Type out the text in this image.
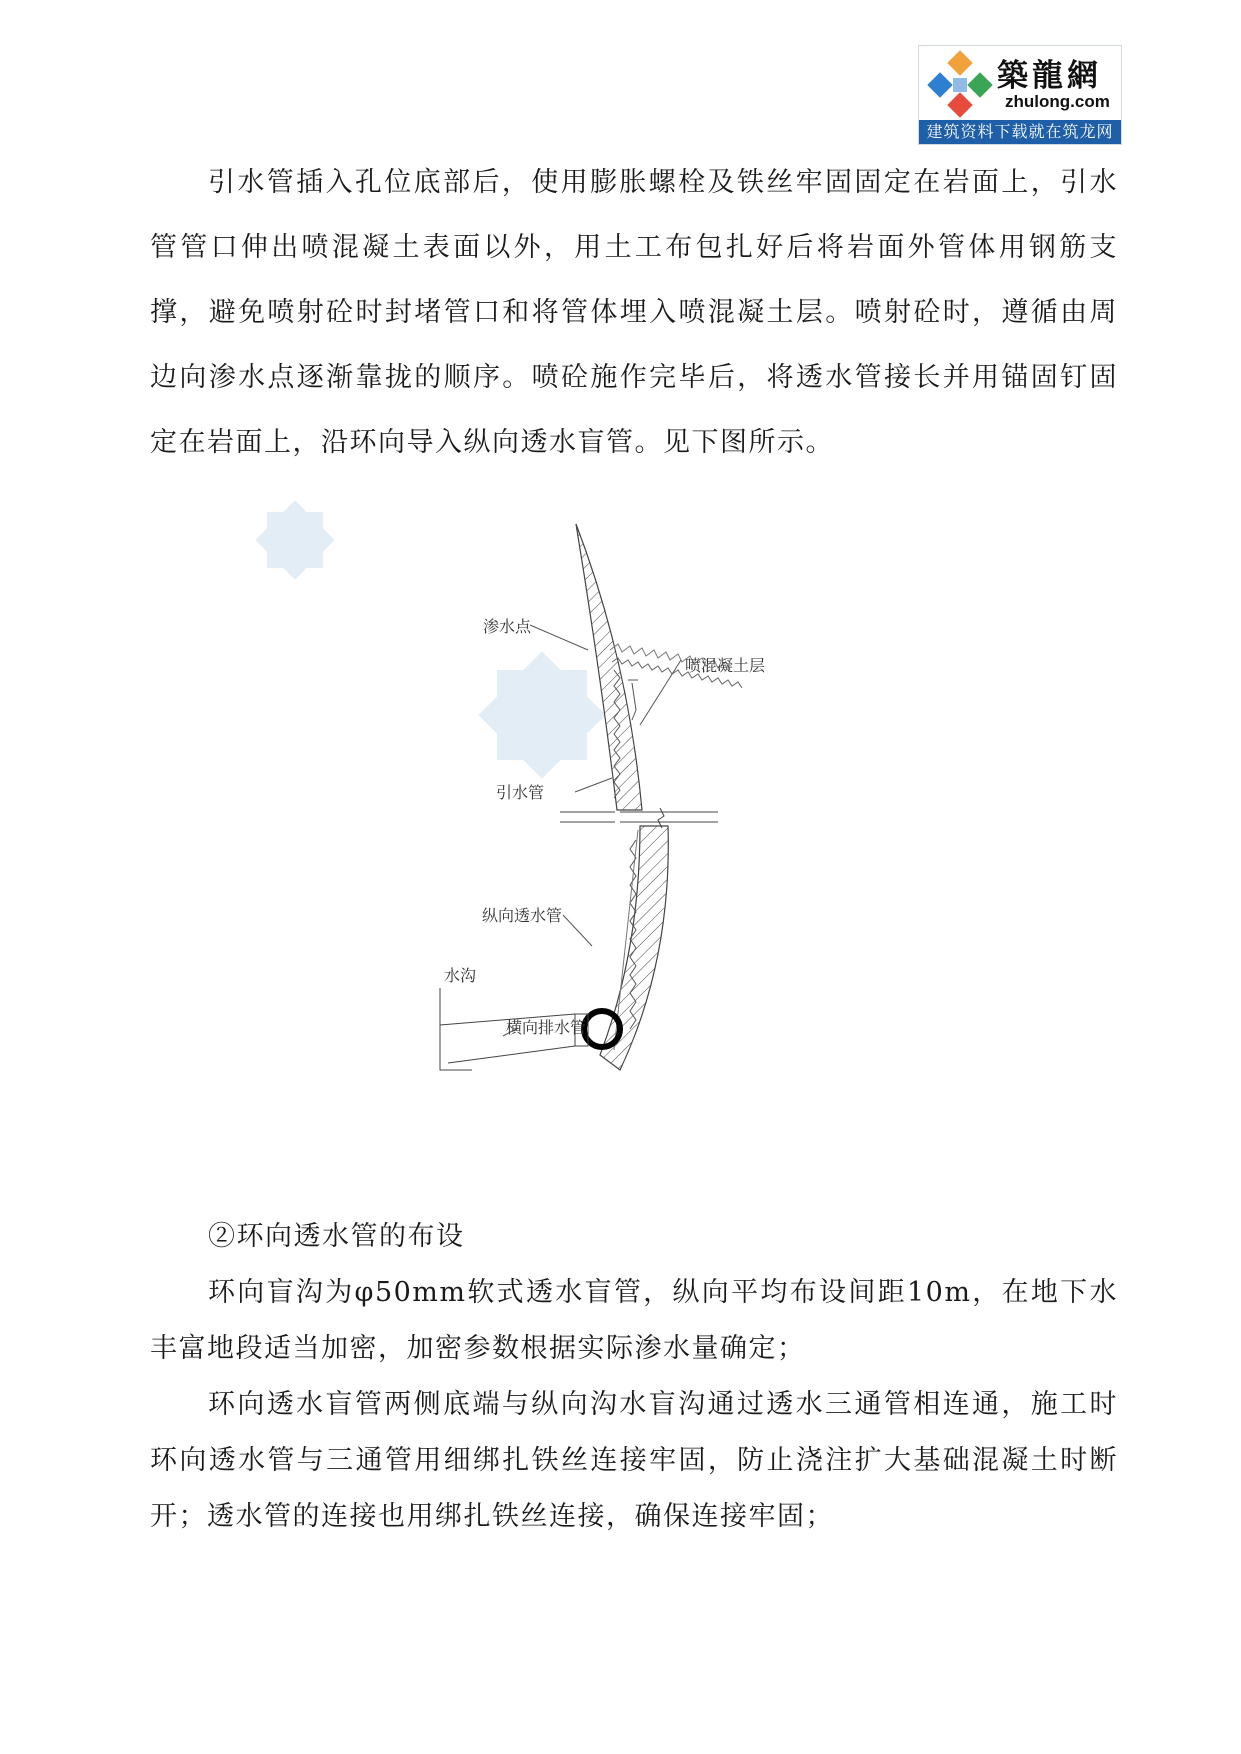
築龍網
zhulong.com
建筑资料下载就在筑龙网

引水管插入孔位底部后，使用膨胀螺栓及铁丝牢固固定在岩面上，引水管管口伸出喷混凝土表面以外，用土工布包扎好后将岩面外管体用钢筋支撑，避免喷射砼时封堵管口和将管体埋入喷混凝土层。喷射砼时，遵循由周边向渗水点逐渐靠拢的顺序。喷砼施作完毕后，将透水管接长并用锚固钉固定在岩面上，沿环向导入纵向透水盲管。见下图所示。

渗水点
喷混凝土层
引水管
纵向透水管
水沟
横向排水管

②环向透水管的布设

环向盲沟为φ50mm软式透水盲管，纵向平均布设间距10m，在地下水丰富地段适当加密，加密参数根据实际渗水量确定；

环向透水盲管两侧底端与纵向沟水盲沟通过透水三通管相连通，施工时环向透水管与三通管用细绑扎铁丝连接牢固，防止浇注扩大基础混凝土时断开；透水管的连接也用绑扎铁丝连接，确保连接牢固；
